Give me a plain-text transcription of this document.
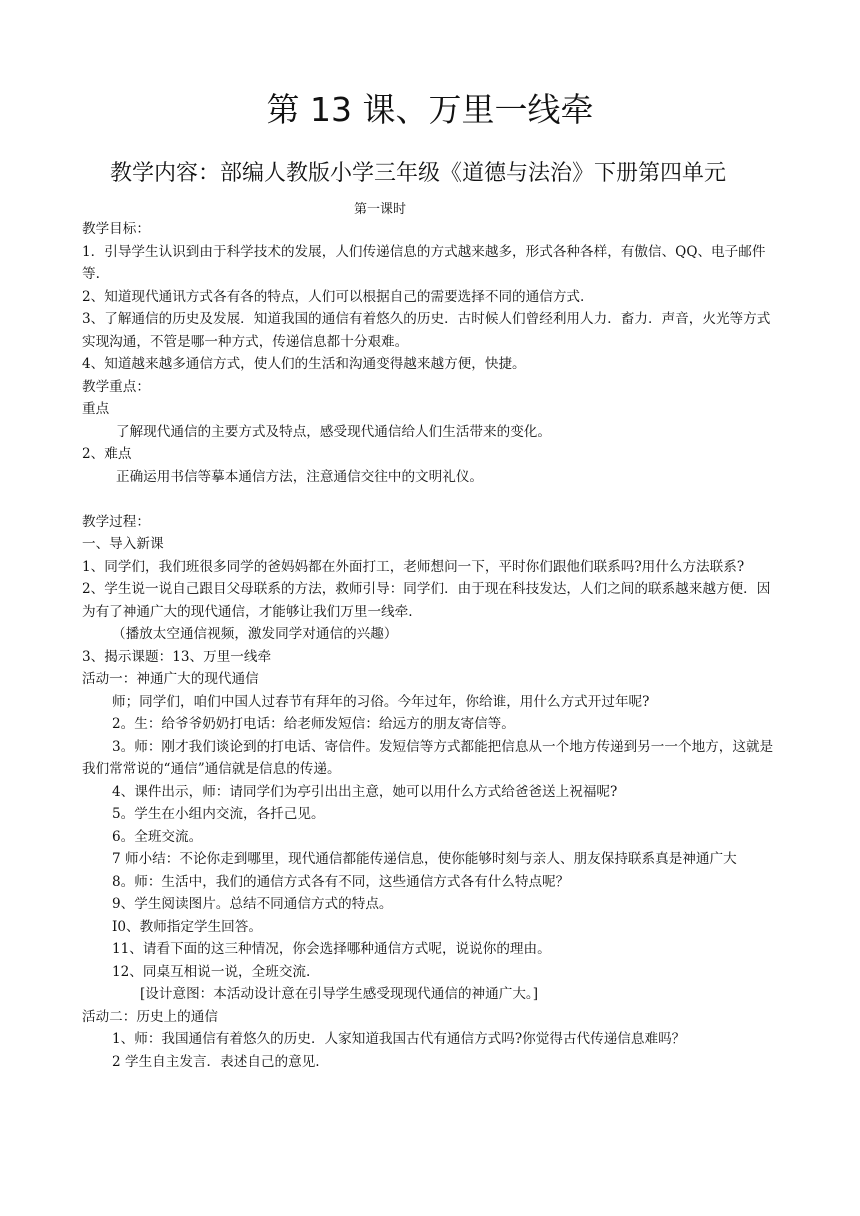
第 13 课、万里一线牵
教学内容：部编人教版小学三年级《道德与法治》下册第四单元
第一课时

教学目标：

1．引导学生认识到由于科学技术的发展，人们传递信息的方式越来越多，形式各种各样，有傲信、QQ、电子邮件等.

2、知道现代通讯方式各有各的特点，人们可以根据自己的需要选择不同的通信方式.

3、了解通信的历史及发展．知道我国的通信有着悠久的历史．古时候人们曾经利用人力．畜力．声音，火光等方式实现沟通，不管是哪一种方式，传递信息都十分艰难。

4、知道越来越多通信方式，使人们的生活和沟通变得越来越方便，快捷。

教学重点：

重点

了解现代通信的主要方式及特点，感受现代通信给人们生活带来的变化。

2、难点

正确运用书信等摹本通信方法，注意通信交往中的文明礼仪。

教学过程：

一、导入新课

1、同学们，我们班很多同学的爸妈妈都在外面打工，老师想问一下，平时你们跟他们联系吗?用什么方法联系?

2、学生说一说自己跟目父母联系的方法，救师引导：同学们．由于现在科技发达，人们之间的联系越来越方便．因为有了神通广大的现代通信，才能够让我们万里一线牵.

（播放太空通信视频，激发同学对通信的兴趣）

3、揭示课题：13、万里一线牵

活动一：神通广大的现代通信

师；同学们，咱们中国人过春节有拜年的习俗。今年过年，你给谁，用什么方式开过年呢?

2。生：给爷爷奶奶打电话：给老师发短信：给远方的朋友寄信等。

3。师：刚才我们谈论到的打电话、寄信件。发短信等方式都能把信息从一个地方传递到另一一个地方，这就是我们常常说的“通信”通信就是信息的传递。

4、课件出示，师：请同学们为亭引出出主意，她可以用什么方式给爸爸送上祝福呢?

5。学生在小组内交流，各扦己见。

6。全班交流。

7 师小结：不论你走到哪里，现代通信都能传递信息，使你能够时刻与亲人、朋友保持联系真是神通广大

8。师：生活中，我们的通信方式各有不同，这些通信方式各有什么特点呢？

9、学生阅读图片。总结不同通信方式的特点。

I0、教师指定学生回答。

11、请看下面的这三种情况，你会选择哪种通信方式呢，说说你的理由。

12、同桌互相说一说，全班交流.

[设计意图：本活动设计意在引导学生感受现现代通信的神通广大。]

活动二：历史上的通信

1、师：我国通信有着悠久的历史．人家知道我国古代有通信方式吗?你觉得古代传递信息难吗？

2 学生自主发言．表述自己的意见.
